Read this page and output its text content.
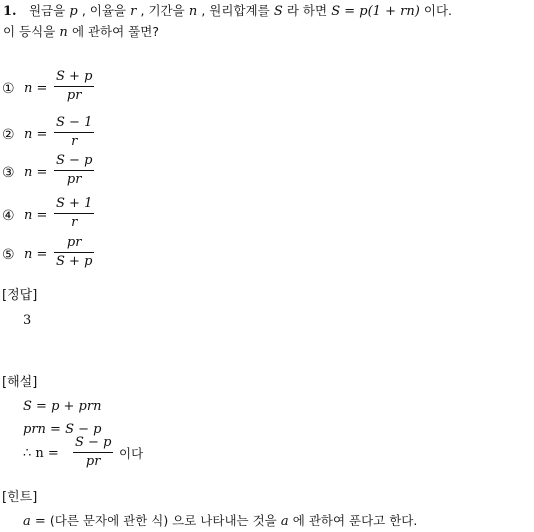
1. 원금을 p , 이율을 r , 기간을 n , 원리합계를 S 라 하면 S = p(1 + rn) 이다.
이 등식을 n 에 관하여 풀면?
① $n = \frac{S + p}{pr}$
② $n = \frac{S - 1}{r}$
③ $n = \frac{S - p}{pr}$
④ $n = \frac{S + 1}{r}$
⑤ $n = \frac{pr}{S + p}$
[정답]
3
[해설]
S = p + prn
prn = S − p
∴ $n = \frac{S - p}{pr}$ 이다
[힌트]
a = (다른 문자에 관한 식) 으로 나타내는 것을 a 에 관하여 푼다고 한다.
